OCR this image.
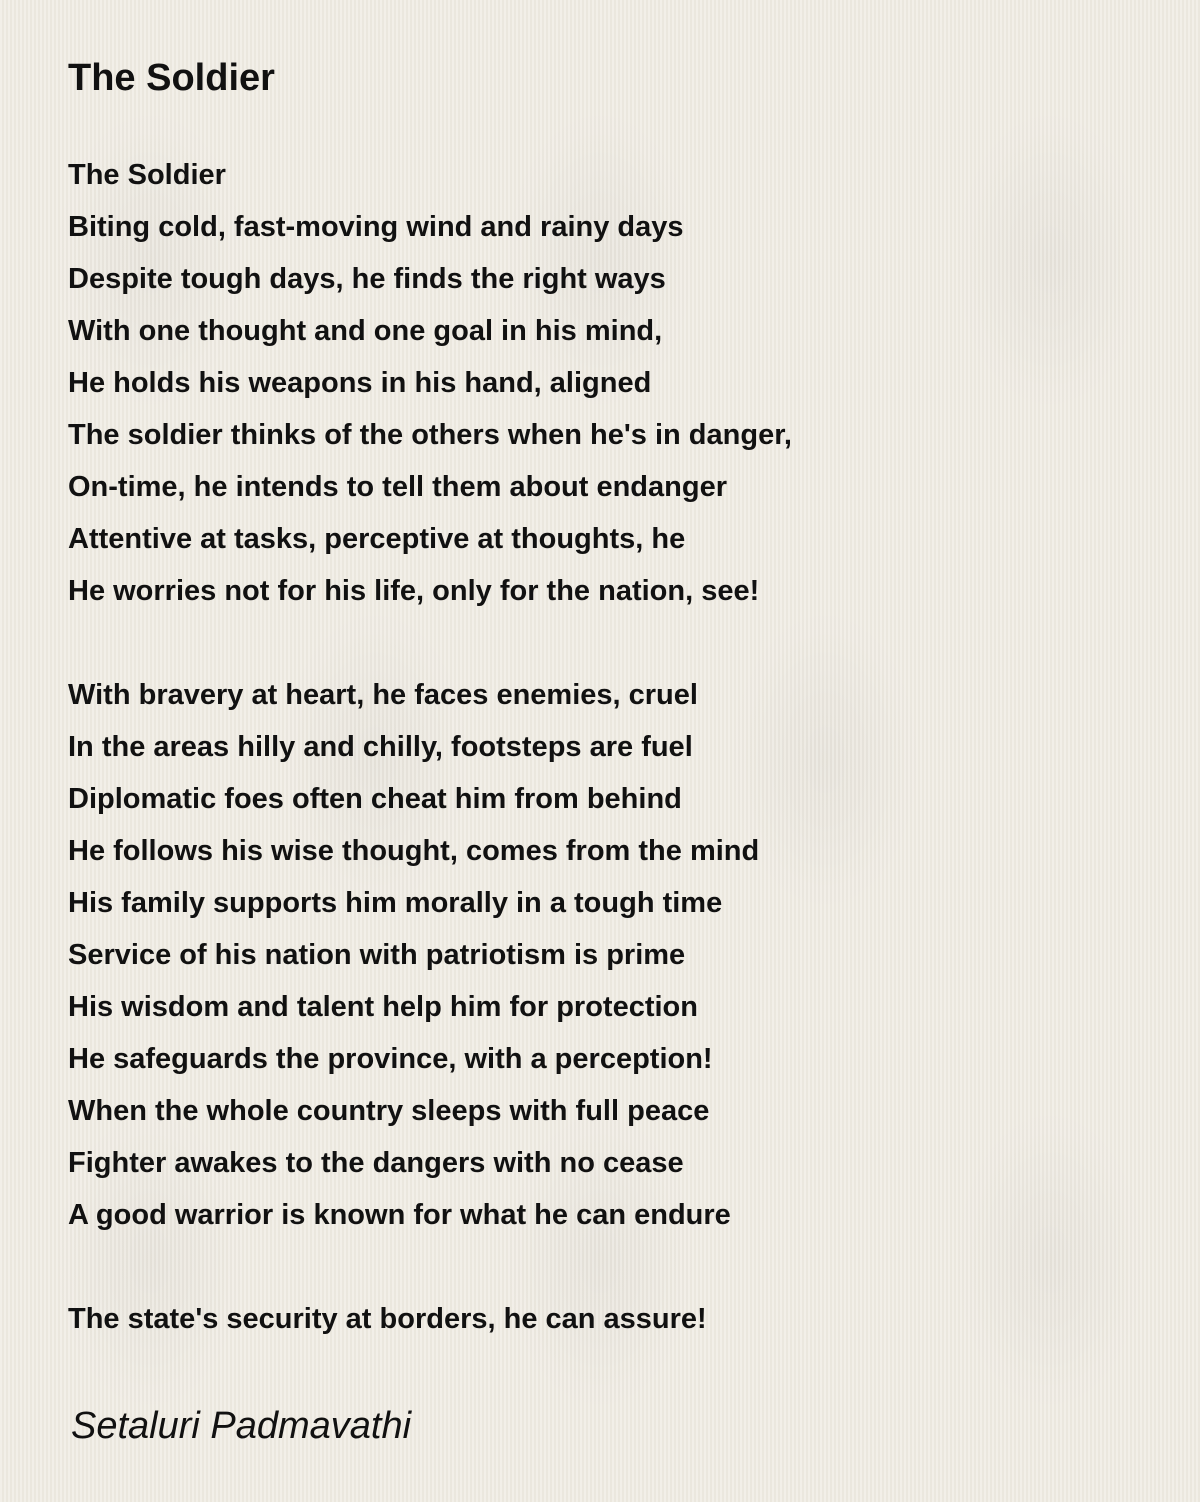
The Soldier
The Soldier
Biting cold, fast-moving wind and rainy days
Despite tough days, he finds the right ways
With one thought and one goal in his mind,
He holds his weapons in his hand, aligned
The soldier thinks of the others when he's in danger,
On-time, he intends to tell them about endanger
Attentive at tasks, perceptive at thoughts, he
He worries not for his life, only for the nation, see!
With bravery at heart, he faces enemies, cruel
In the areas hilly and chilly, footsteps are fuel
Diplomatic foes often cheat him from behind
He follows his wise thought, comes from the mind
His family supports him morally in a tough time
Service of his nation with patriotism is prime
His wisdom and talent help him for protection
He safeguards the province, with a perception!
When the whole country sleeps with full peace
Fighter awakes to the dangers with no cease
A good warrior is known for what he can endure
The state's security at borders, he can assure!
Setaluri Padmavathi
